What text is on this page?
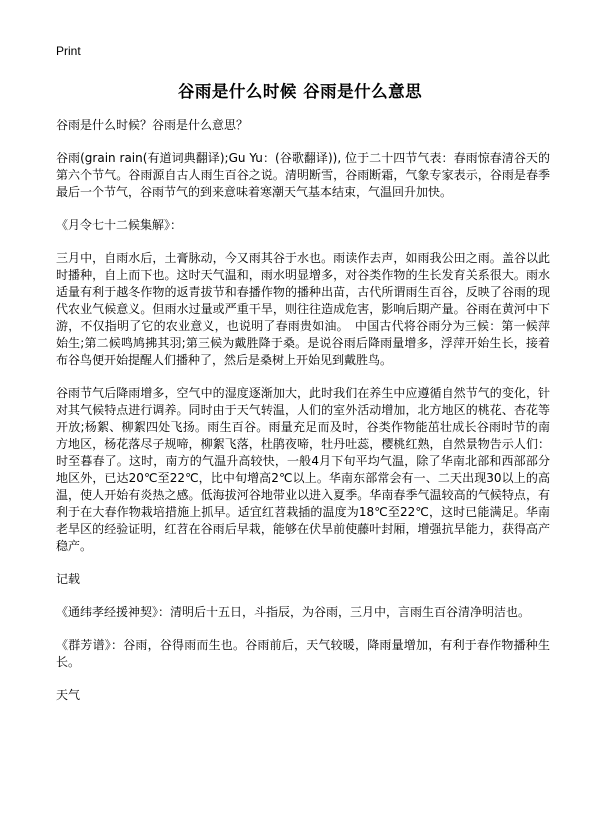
Print
谷雨是什么时候 谷雨是什么意思

谷雨是什么时候？谷雨是什么意思？

谷雨(grain rain(有道词典翻译);Gu Yu：(谷歌翻译)), 位于二十四节气表：春雨惊春清谷天的第六个节气。谷雨源自古人雨生百谷之说。清明断雪，谷雨断霜，气象专家表示，谷雨是春季最后一个节气，谷雨节气的到来意味着寒潮天气基本结束，气温回升加快。

《月令七十二候集解》：

三月中，自雨水后，土膏脉动，今又雨其谷于水也。雨读作去声，如雨我公田之雨。盖谷以此时播种，自上而下也。这时天气温和，雨水明显增多，对谷类作物的生长发育关系很大。雨水适量有利于越冬作物的返青拔节和春播作物的播种出苗，古代所谓雨生百谷，反映了谷雨的现代农业气候意义。但雨水过量或严重干旱，则往往造成危害，影响后期产量。谷雨在黄河中下游，不仅指明了它的农业意义，也说明了春雨贵如油。　中国古代将谷雨分为三候：第一候萍始生;第二候鸣鸠拂其羽;第三候为戴胜降于桑。是说谷雨后降雨量增多，浮萍开始生长，接着布谷鸟便开始提醒人们播种了，然后是桑树上开始见到戴胜鸟。

谷雨节气后降雨增多，空气中的湿度逐渐加大，此时我们在养生中应遵循自然节气的变化，针对其气候特点进行调养。同时由于天气转温，人们的室外活动增加，北方地区的桃花、杏花等开放;杨絮、柳絮四处飞扬。雨生百谷。雨量充足而及时，谷类作物能茁壮成长谷雨时节的南方地区，杨花落尽子规啼，柳絮飞落，杜鹃夜啼，牡丹吐蕊，樱桃红熟，自然景物告示人们：时至暮春了。这时，南方的气温升高较快，一般4月下旬平均气温，除了华南北部和西部部分地区外，已达20℃至22℃，比中旬增高2℃以上。华南东部常会有一、二天出现30以上的高温，使人开始有炎热之感。低海拔河谷地带业以进入夏季。华南春季气温较高的气候特点，有利于在大春作物栽培措施上抓早。适宜红苕栽插的温度为18℃至22℃，这时已能满足。华南老旱区的经验证明，红苕在谷雨后早栽，能够在伏旱前使藤叶封厢，增强抗旱能力，获得高产稳产。

记载

《通纬孝经援神契》：清明后十五日，斗指辰，为谷雨，三月中，言雨生百谷清净明洁也。

《群芳谱》：谷雨，谷得雨而生也。谷雨前后，天气较暖，降雨量增加，有利于春作物播种生长。

天气
